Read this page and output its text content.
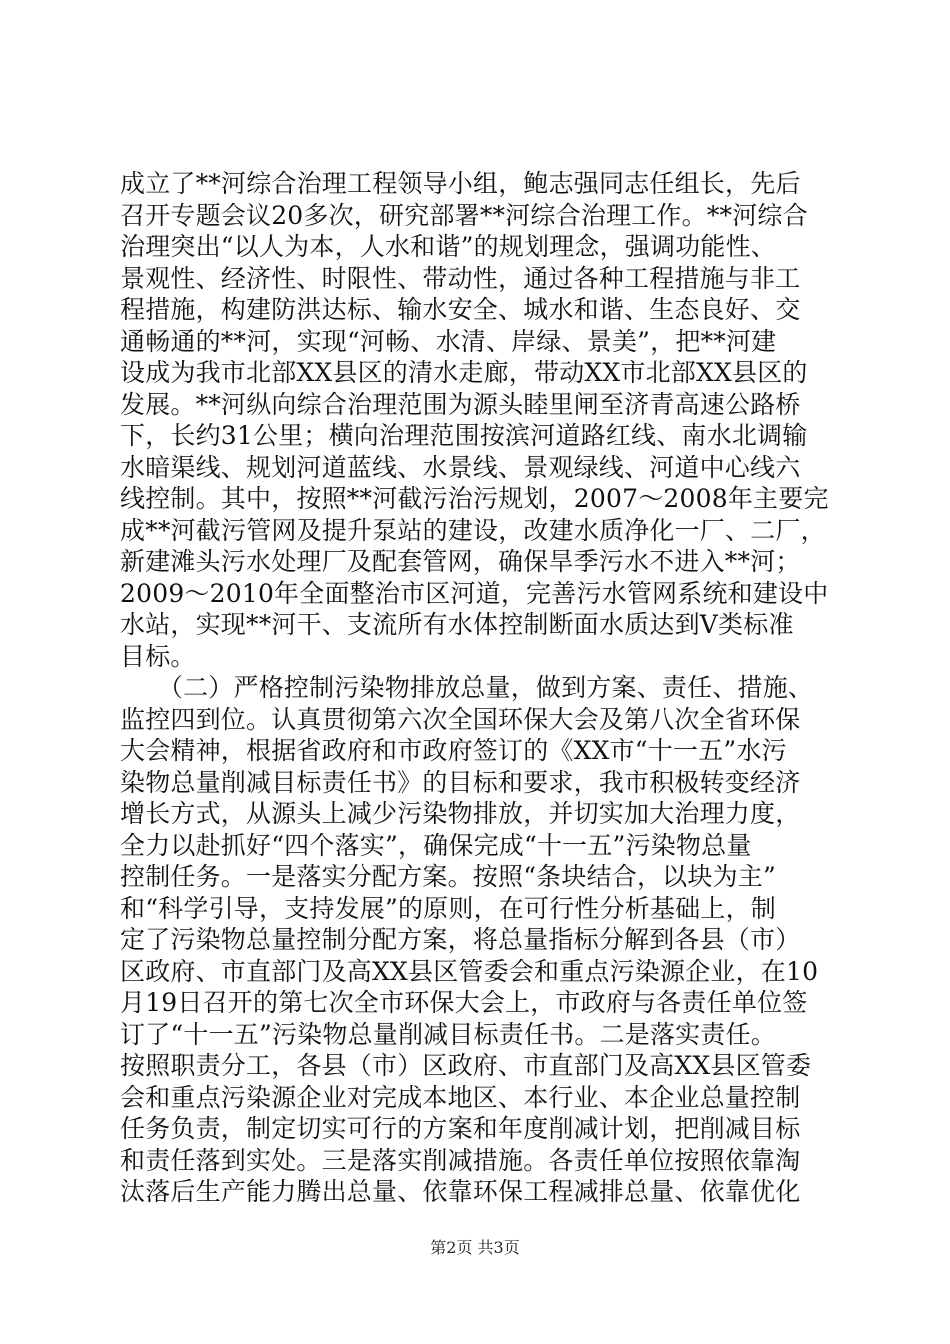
成立了**河综合治理工程领导小组，鲍志强同志任组长，先后
召开专题会议20多次，研究部署**河综合治理工作。**河综合
治理突出“以人为本，人水和谐”的规划理念，强调功能性、
景观性、经济性、时限性、带动性，通过各种工程措施与非工
程措施，构建防洪达标、输水安全、城水和谐、生态良好、交
通畅通的**河，实现“河畅、水清、岸绿、景美”，把**河建
设成为我市北部XX县区的清水走廊，带动XX市北部XX县区的
发展。**河纵向综合治理范围为源头睦里闸至济青高速公路桥
下，长约31公里；横向治理范围按滨河道路红线、南水北调输
水暗渠线、规划河道蓝线、水景线、景观绿线、河道中心线六
线控制。其中，按照**河截污治污规划，2007～2008年主要完
成**河截污管网及提升泵站的建设，改建水质净化一厂、二厂，
新建滩头污水处理厂及配套管网，确保旱季污水不进入**河；
2009～2010年全面整治市区河道，完善污水管网系统和建设中
水站，实现**河干、支流所有水体控制断面水质达到Ⅴ类标准
目标。
　　（二）严格控制污染物排放总量，做到方案、责任、措施、
监控四到位。认真贯彻第六次全国环保大会及第八次全省环保
大会精神，根据省政府和市政府签订的《XX市“十一五”水污
染物总量削减目标责任书》的目标和要求，我市积极转变经济
增长方式，从源头上减少污染物排放，并切实加大治理力度，
全力以赴抓好“四个落实”，确保完成“十一五”污染物总量
控制任务。一是落实分配方案。按照“条块结合，以块为主”
和“科学引导，支持发展”的原则，在可行性分析基础上，制
定了污染物总量控制分配方案，将总量指标分解到各县（市）
区政府、市直部门及高XX县区管委会和重点污染源企业，在10
月19日召开的第七次全市环保大会上，市政府与各责任单位签
订了“十一五”污染物总量削减目标责任书。二是落实责任。
按照职责分工，各县（市）区政府、市直部门及高XX县区管委
会和重点污染源企业对完成本地区、本行业、本企业总量控制
任务负责，制定切实可行的方案和年度削减计划，把削减目标
和责任落到实处。三是落实削减措施。各责任单位按照依靠淘
汰落后生产能力腾出总量、依靠环保工程减排总量、依靠优化
第2页 共3页
